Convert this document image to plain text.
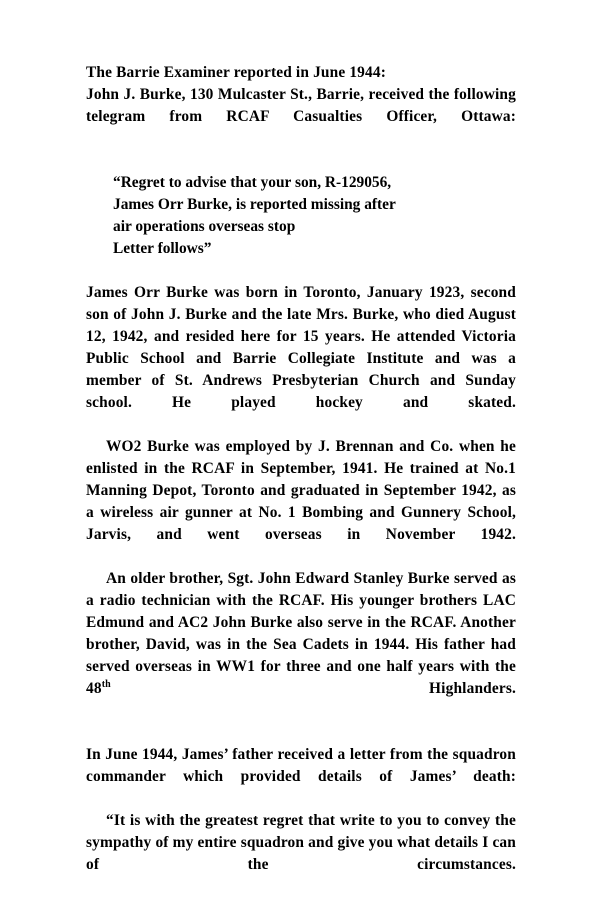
The Barrie Examiner reported in June 1944:

John J. Burke, 130 Mulcaster St., Barrie, received the following telegram from RCAF Casualties Officer, Ottawa:

“Regret to advise that your son, R-129056,
James Orr Burke, is reported missing after
air operations overseas stop
Letter follows”

James Orr Burke was born in Toronto, January 1923, second son of John J. Burke and the late Mrs. Burke, who died August 12, 1942, and resided here for 15 years. He attended Victoria Public School and Barrie Collegiate Institute and was a member of St. Andrews Presbyterian Church and Sunday school. He played hockey and skated.

WO2 Burke was employed by J. Brennan and Co. when he enlisted in the RCAF in September, 1941. He trained at No.1 Manning Depot, Toronto and graduated in September 1942, as a wireless air gunner at No. 1 Bombing and Gunnery School, Jarvis, and went overseas in November 1942.

An older brother, Sgt. John Edward Stanley Burke served as a radio technician with the RCAF. His younger brothers LAC Edmund and AC2 John Burke also serve in the RCAF. Another brother, David, was in the Sea Cadets in 1944. His father had served overseas in WW1 for three and one half years with the 48th Highlanders.

In June 1944, James’ father received a letter from the squadron commander which provided details of James’ death:

“It is with the greatest regret that write to you to convey the sympathy of my entire squadron and give you what details I can of the circumstances.
